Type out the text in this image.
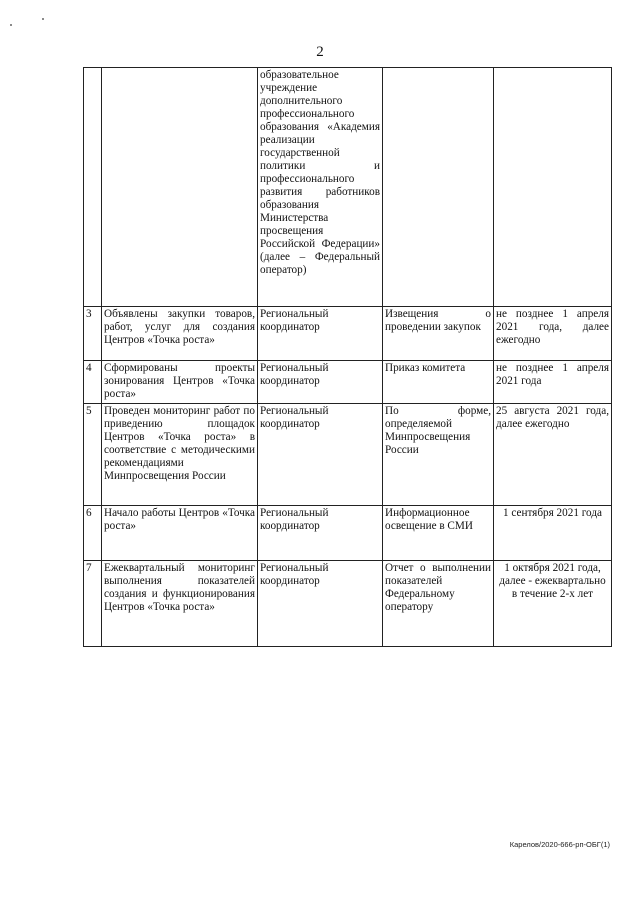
2
		образовательное учреждение дополнительного профессионального образования «Академия реализации государственной политики и профессионального развития работников образования Министерства просвещения Российской Федерации» (далее – Федеральный оператор)		
3	Объявлены закупки товаров, работ, услуг для создания Центров «Точка роста»	Региональный координатор	Извещения о проведении закупок	не позднее 1 апреля 2021 года, далее ежегодно
4	Сформированы проекты зонирования Центров «Точка роста»	Региональный координатор	Приказ комитета	не позднее 1 апреля 2021 года
5	Проведен мониторинг работ по приведению площадок Центров «Точка роста» в соответствие с методическими рекомендациями Минпросвещения России	Региональный координатор	По форме, определяемой Минпросвещения России	25 августа 2021 года, далее ежегодно
6	Начало работы Центров «Точка роста»	Региональный координатор	Информационное освещение в СМИ	1 сентября 2021 года
7	Ежеквартальный мониторинг выполнения показателей создания и функционирования Центров «Точка роста»	Региональный координатор	Отчет о выполнении показателей Федеральному оператору	1 октября 2021 года, далее - ежеквартально в течение 2-х лет
Карелов/2020-666-рп-ОБГ(1)
